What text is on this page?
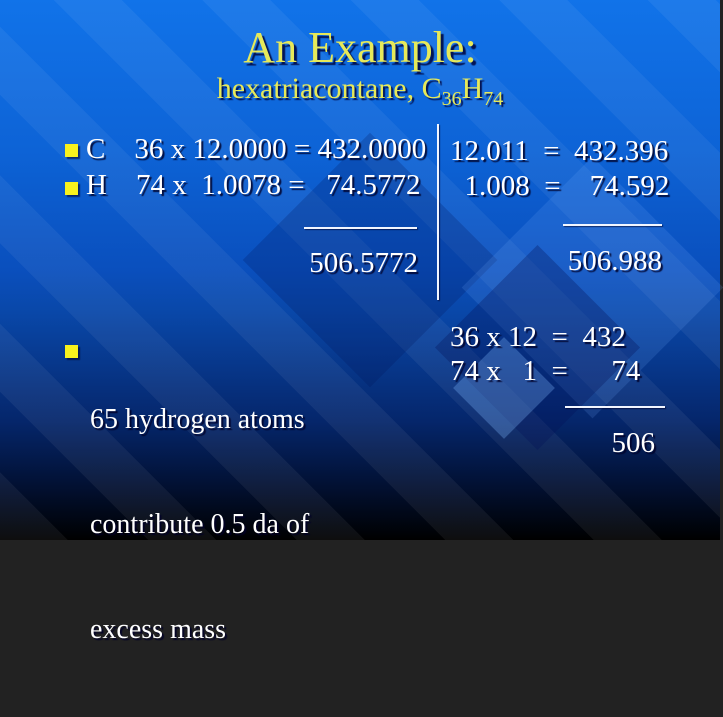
An Example:
hexatriacontane, $C_{36}H_{74}$
C    36 x 12.0000 = 432.0000
H    74 x  1.0078 =   74.5772
506.5772
12.011  =  432.396
1.008  =    74.592
506.988

65 hydrogen atoms

contribute 0.5 da of

excess mass

36 x 12  =  432
74 x   1  =      74
506
